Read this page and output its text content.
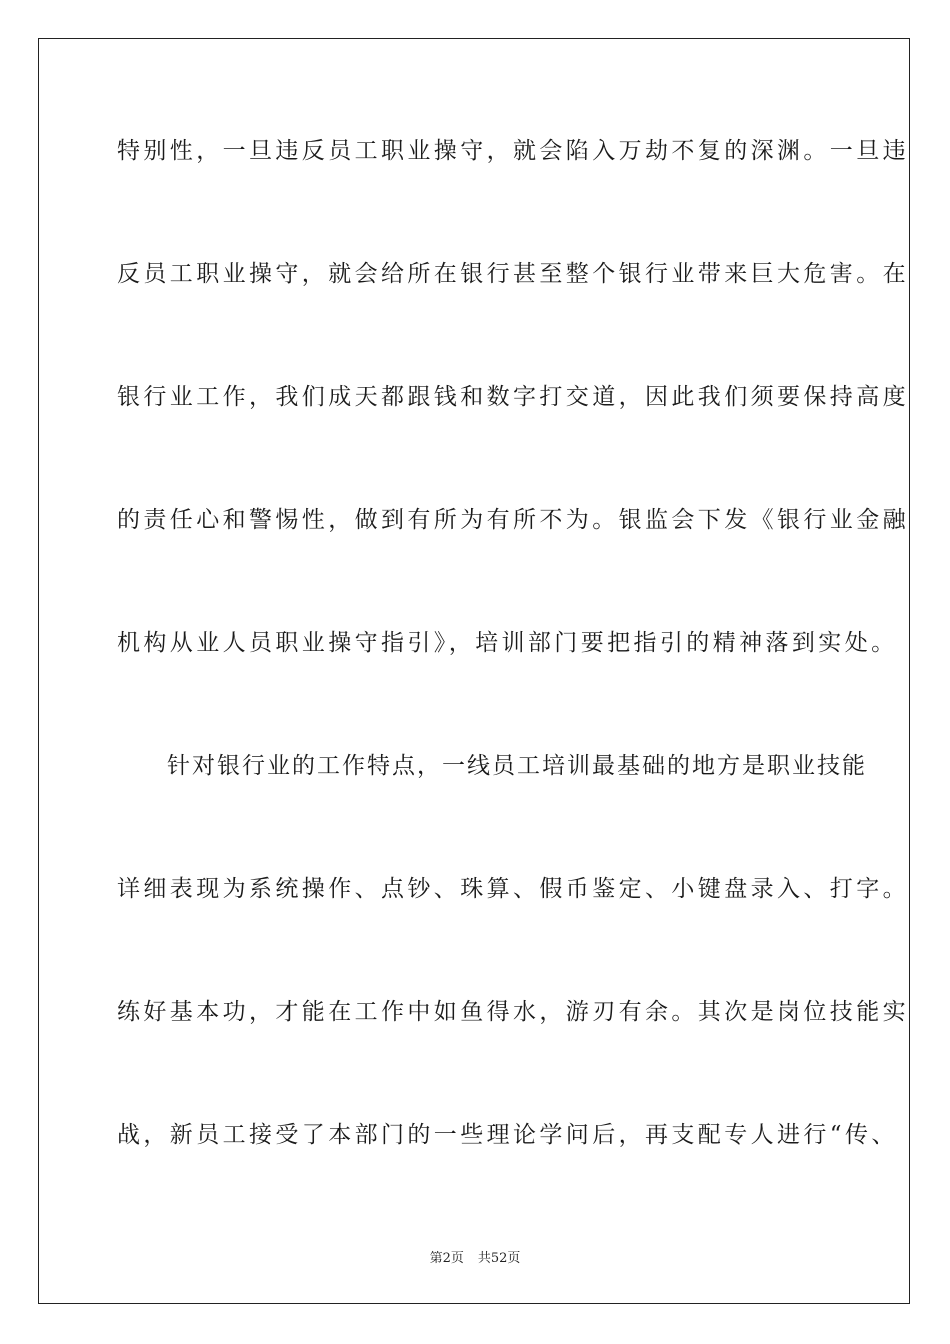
特别性，一旦违反员工职业操守，就会陷入万劫不复的深渊。一旦违
反员工职业操守，就会给所在银行甚至整个银行业带来巨大危害。在
银行业工作，我们成天都跟钱和数字打交道，因此我们须要保持高度
的责任心和警惕性，做到有所为有所不为。银监会下发《银行业金融
机构从业人员职业操守指引》，培训部门要把指引的精神落到实处。
针对银行业的工作特点，一线员工培训最基础的地方是职业技能
详细表现为系统操作、点钞、珠算、假币鉴定、小键盘录入、打字。
练好基本功，才能在工作中如鱼得水，游刃有余。其次是岗位技能实
战，新员工接受了本部门的一些理论学问后，再支配专人进行“传、
第2页 共52页
